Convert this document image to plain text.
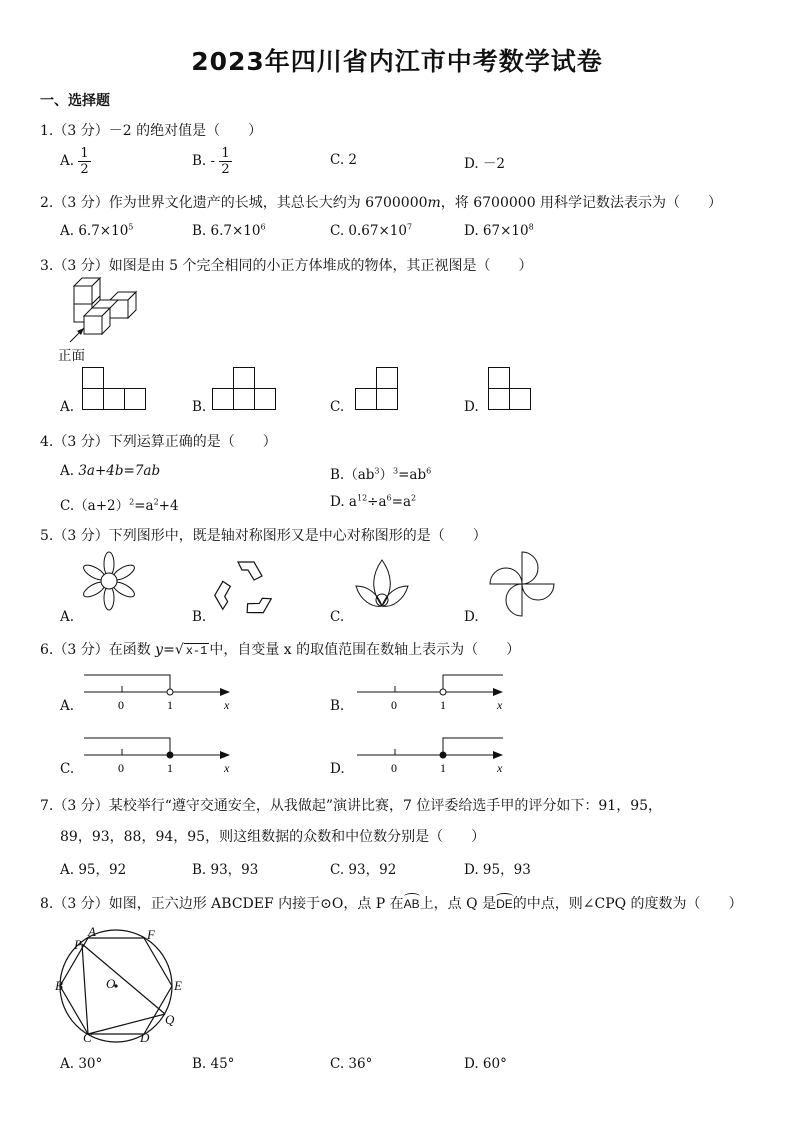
2023年四川省内江市中考数学试卷
一、选择题
1.（3 分）－2 的绝对值是（　　）
A. $\frac{1}{2}$	B. - $\frac{1}{2}$	C. 2	D. －2
2.（3 分）作为世界文化遗产的长城，其总长大约为 6700000m，将 6700000 用科学记数法表示为（　　）
A. $6.7\times 10^5$	B. $6.7\times 10^6$	C. $0.67\times 10^7$	D. $67\times 10^8$
3.（3 分）如图是由 5 个完全相同的小正方体堆成的物体，其正视图是（　　）
正面
A.	B.	C.	D.
4.（3 分）下列运算正确的是（　　）
A. 3a+4b=7ab	$B.(ab^3)^3=ab^6$
$C.(a+2)^2=a^2+4$	D. $a^{12}\div a^6=a^2$
5.（3 分）下列图形中，既是轴对称图形又是中心对称图形的是（　　）
A.	B.	C.	D.
6.（3 分）在函数 y=√ x-1 中，自变量 x 的取值范围在数轴上表示为（　　）
A.	0	1	x	B.	0	1	x
C.	0	1	x	D.	0	1	x
7.（3 分）某校举行“遵守交通安全，从我做起”演讲比赛，7 位评委给选手甲的评分如下：91，95，
89，93，88，94，95，则这组数据的众数和中位数分别是（　　）
A. 95，92	B. 93，93	C. 93，92	D. 95，93
8.（3 分）如图，正六边形 ABCDEF 内接于⊙O，点 P 在AB上，点 Q 是DE的中点，则∠CPQ 的度数为（　　）
A	F
P
B	E
O
C	D
Q
A. 30°	B. 45°	C. 36°	D. 60°
